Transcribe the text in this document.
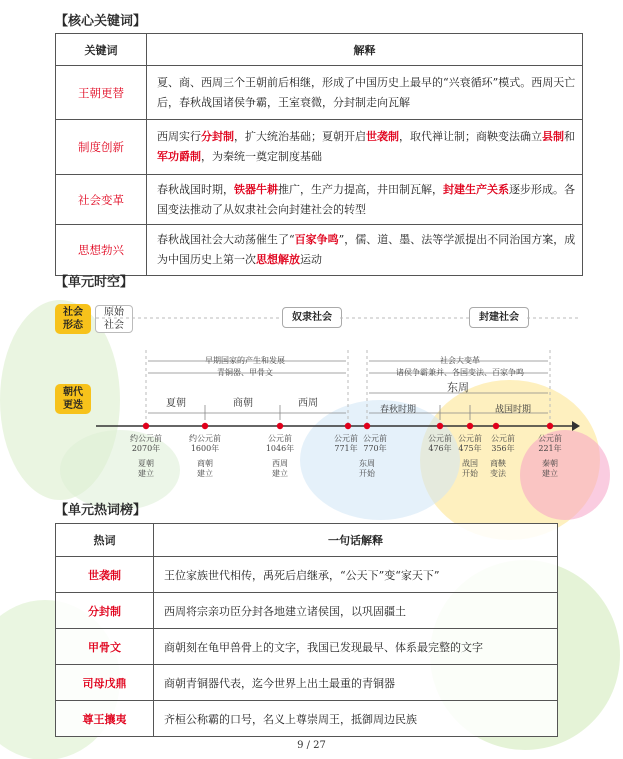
【核心关键词】
关键词	解释
王朝更替	夏、商、西周三个王朝前后相继，形成了中国历史上最早的“兴衰循环”模式。西周天亡后，春秋战国诸侯争霸，王室衰微，分封制走向瓦解
制度创新	西周实行分封制，扩大统治基础；夏朝开启世袭制，取代禅让制；商鞅变法确立县制和军功爵制，为秦统一奠定制度基础
社会变革	春秋战国时期，铁器牛耕推广，生产力提高，井田制瓦解，封建生产关系逐步形成。各国变法推动了从奴隶社会向封建社会的转型
思想勃兴	春秋战国社会大动荡催生了“百家争鸣”，儒、道、墨、法等学派提出不同治国方案，成为中国历史上第一次思想解放运动
【单元时空】
社会
形态
原始
社会
奴隶社会	封建社会
朝代
更迭
早期国家的产生和发展
青铜器、甲骨文
社会大变革
诸侯争霸兼并、各国变法、百家争鸣
东周
夏朝	商朝	西周
春秋时期	战国时期
约公元前
2070年
约公元前
1600年
公元前
1046年
公元前
771年
公元前
770年
公元前
476年
公元前
475年
公元前
356年
公元前
221年
夏朝
建立
商朝
建立
西周
建立
东周
开始
战国
开始
商鞅
变法
秦朝
建立
【单元热词榜】
热词	一句话解释
世袭制	王位家族世代相传，禹死后启继承，“公天下”变“家天下”
分封制	西周将宗亲功臣分封各地建立诸侯国，以巩固疆土
甲骨文	商朝刻在龟甲兽骨上的文字，我国已发现最早、体系最完整的文字
司母戊鼎	商朝青铜器代表，迄今世界上出土最重的青铜器
尊王攘夷	齐桓公称霸的口号，名义上尊崇周王，抵御周边民族
9 / 27
